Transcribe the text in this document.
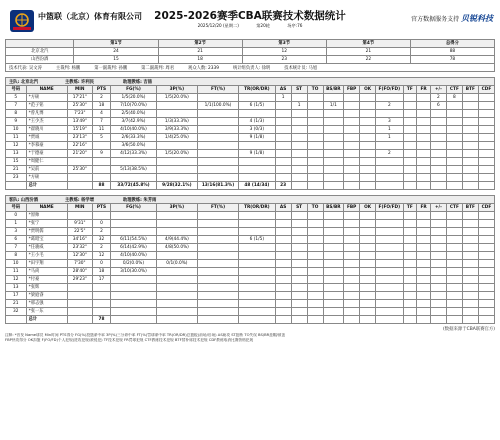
中篮联（北京）体育有限公司	2025-2026赛季CBA联赛技术数据统计
2025/12/20 (星期二)	第20轮	场序:76
官方数据服务支持 贝锐科技
	第1节	第2节	第3节	第4节	总得分
北京北汽	24	21	12	21	88
山西汾酒	15	18	23	22	78
技术代表: 吴文涛	主裁判: 杨鹏	第一副裁判: 孙鹏	第二副裁判: 周君	观众人数: 2339	统计组负责人: 徐明	技术统计员: 马旭
主队: 北京北汽	主教练: 许利民	助理教练: 吉喆
号码	NAME	MIN	PTS	FG(%)	3P(%)	FT(%)	TR(OR/DR)	AS	ST	TO	BS/BR	FBP	OK	F(FO/FD)	TF	FR	+/-	CTF	BTF	CDF
5	*方硕	17'21"	2	1/5(20.0%)	1/5(20.0%)			1									2	8		
7	*范子铭	25'30"	18	7/10(70.0%)		1/1(100.0%)	6 (1/5)		1		1/1			2			6			
8	*曾凡博	7'23"	4	2/5(40.0%)																
9	*王少杰	13'49"	7	3/7(42.9%)	1/3(33.3%)		4 (1/3)							3						
10	*翟晓川	15'19"	11	4/10(40.0%)	3/9(33.3%)		3 (0/3)							1						
11	*贾诚	23'13"	5	2/6(33.3%)	1/4(25.0%)		9 (1/8)							1						
12	*李慕豪	22'16"		3/6(50.0%)																
13	*于德豪	21'20"	9	4/12(33.3%)	1/5(20.0%)		9 (1/8)							2						
15	*周健仁																			
21	*吴前	25'30"		5/13(38.5%)																
23	*方硕																			
	总计		88	33/72(45.8%)	9/28(32.1%)	13/16(81.3%)	48 (14/34)	23												
客队: 山西汾酒	主教练: 杨学增	助理教练: 朱芳雨
号码	NAME	MIN	PTS	FG(%)	3P(%)	FT(%)	TR(OR/DR)	AS	ST	TO	BS/BR	FBP	OK	F(FO/FD)	TF	FR	+/-	CTF	BTF	CDF
0	*原帅																			
1	*张宁	9'31"	0																	
3	*贾明儒	22'5"	2																	
6	*葛昭宝	34'16"	32	6/11(54.5%)	4/9(44.4%)		6 (1/5)													
7	*任骏威	23'32"	2	6/14(42.9%)	4/8(50.0%)															
8	*王小毛	12'30"	12	4/10(40.0%)																
10	*田宇翔	7'30"	0	0/2(0.0%)	0/1(0.0%)															
11	*马尚	28'40"	18	3/10(30.0%)																
12	*付豪	29'23"	17																	
13	*张辉																			
17	*梁庭睿																			
21	*邢志强																			
32	*张一东																			
	总计		78																	
(数据来源于CBA联赛官方)
注释: *首发 Name球员 Min时间 PTS得分 FG(%)投篮命中率 3P(%)三分命中率 FT(%)罚球命中率 TR(OR/DR)总篮板(前场/后场) AS助攻 ST抢断 TO失误 BS/BR盖帽/被盖
FBP快攻得分 OK扣篮 F(FO/FD)个人犯规(进攻犯规/被侵犯) TF技术犯规 FR罚球犯规 CTF教练技术犯规 BTF替补席技术犯规 CDF教练取消比赛资格犯规
